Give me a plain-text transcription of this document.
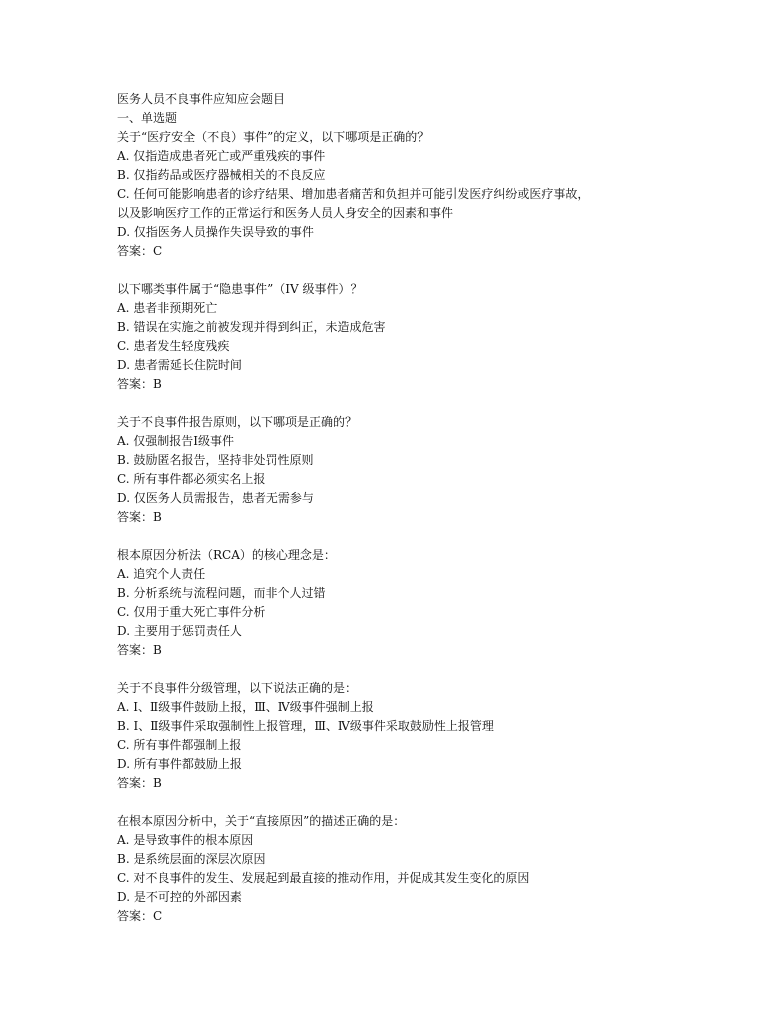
医务人员不良事件应知应会题目
一、单选题
关于“医疗安全（不良）事件”的定义，以下哪项是正确的？
A. 仅指造成患者死亡或严重残疾的事件
B. 仅指药品或医疗器械相关的不良反应
C. 任何可能影响患者的诊疗结果、增加患者痛苦和负担并可能引发医疗纠纷或医疗事故，
以及影响医疗工作的正常运行和医务人员人身安全的因素和事件
D. 仅指医务人员操作失误导致的事件
答案：C
以下哪类事件属于“隐患事件”（IV 级事件）？
A. 患者非预期死亡
B. 错误在实施之前被发现并得到纠正，未造成危害
C. 患者发生轻度残疾
D. 患者需延长住院时间
答案：B
关于不良事件报告原则，以下哪项是正确的？
A. 仅强制报告Ⅰ级事件
B. 鼓励匿名报告，坚持非处罚性原则
C. 所有事件都必须实名上报
D. 仅医务人员需报告，患者无需参与
答案：B
根本原因分析法（RCA）的核心理念是：
A. 追究个人责任
B. 分析系统与流程问题，而非个人过错
C. 仅用于重大死亡事件分析
D. 主要用于惩罚责任人
答案：B
关于不良事件分级管理，以下说法正确的是：
A. Ⅰ、Ⅱ级事件鼓励上报，Ⅲ、Ⅳ级事件强制上报
B. Ⅰ、Ⅱ级事件采取强制性上报管理，Ⅲ、Ⅳ级事件采取鼓励性上报管理
C. 所有事件都强制上报
D. 所有事件都鼓励上报
答案：B
在根本原因分析中，关于“直接原因”的描述正确的是：
A. 是导致事件的根本原因
B. 是系统层面的深层次原因
C. 对不良事件的发生、发展起到最直接的推动作用，并促成其发生变化的原因
D. 是不可控的外部因素
答案：C
